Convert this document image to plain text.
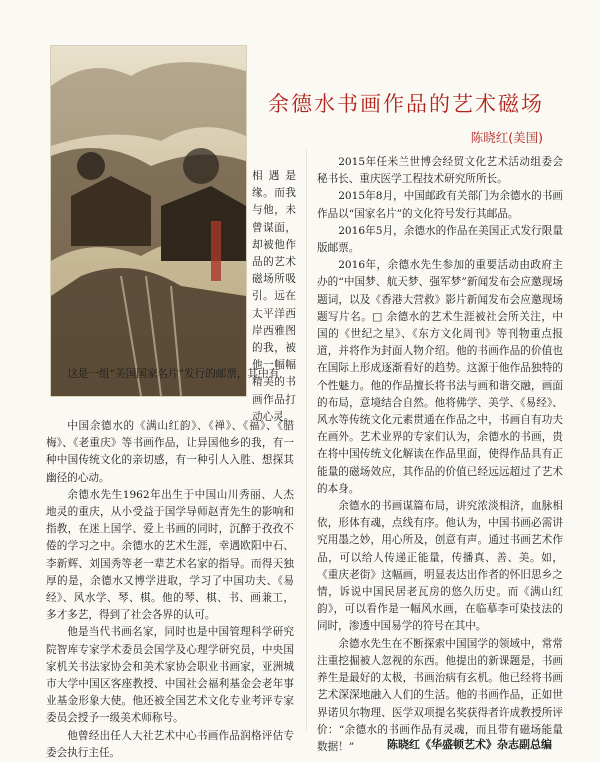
余德水书画作品的艺术磁场
陈晓红(美国)

相遇是缘。而我与他，未曾谋面，却被他作品的艺术磁场所吸引。远在太平洋西岸西雅图的我，被他一幅幅精美的书画作品打动心灵。

这是一组“美国国家名片”发行的邮票，其中有

中国余德水的《满山红韵》、《禅》、《福》、《腊梅》、《老重庆》等书画作品，让异国他乡的我，有一种中国传统文化的亲切感，有一种引人入胜、想探其幽径的心动。

余德水先生1962年出生于中国山川秀丽、人杰地灵的重庆，从小受益于国学导师赵青先生的影响和指教，在迷上国学、爱上书画的同时，沉醉于孜孜不倦的学习之中。余德水的艺术生涯，幸遇欧阳中石、李新辉、刘国秀等老一辈艺术名家的指导。而得天独厚的是，余德水又博学进取，学习了中国功夫、《易经》、风水学、琴、棋。他的琴、棋、书、画兼工，多才多艺，得到了社会各界的认可。

他是当代书画名家，同时也是中国管理科学研究院智库专家学术委员会国学及心理学研究员，中央国家机关书法家协会和美术家协会职业书画家，亚洲城市大学中国区客座教授、中国社会福利基金会老年事业基金形象大使。他还被全国艺术文化专业考评专家委员会授予一级美术师称号。

他曾经出任人大社艺术中心书画作品润格评估专委会执行主任。

2015年任米兰世博会经贸文化艺术活动组委会秘书长、重庆医学工程技术研究所所长。

2015年8月，中国邮政有关部门为余德水的书画作品以“国家名片”的文化符号发行其邮品。

2016年5月，余德水的作品在美国正式发行限量版邮票。

2016年，余德水先生参加的重要活动由政府主办的“中国梦、航天梦、强军梦”新闻发布会应邀现场题词，以及《香港大营救》影片新闻发布会应邀现场题写片名。□ 余德水的艺术生涯被社会所关注，中国的《世纪之星》、《东方文化周刊》等刊物重点报道，并将作为封面人物介绍。他的书画作品的价值也在国际上形成逐渐看好的趋势。这源于他作品独特的个性魅力。他的作品擅长将书法与画和谐交融，画面的布局，意境结合自然。他将佛学、美学、《易经》、风水等传统文化元素贯通在作品之中，书画自有功夫在画外。艺术业界的专家们认为，余德水的书画，贵在将中国传统文化解读在作品里面，使得作品具有正能量的磁场效应，其作品的价值已经远远超过了艺术的本身。

余德水的书画谋篇布局，讲究浓淡相济，血脉相依，形体有魂，点线有序。他认为，中国书画必需讲究用墨之妙，用心所及，创意有声。通过书画艺术作品，可以给人传递正能量，传播真、善、美。如，《重庆老街》这幅画，明显表达出作者的怀旧思乡之情，诉说中国民居老瓦房的悠久历史。而《满山红韵》，可以看作是一幅风水画，在临摹李可染技法的同时，渗透中国易学的符号在其中。

余德水先生在不断探索中国国学的领域中，常常注重挖掘被人忽视的东西。他提出的新课题是，书画养生是最好的太极，书画治病有玄机。他已经将书画艺术深深地融入人们的生活。他的书画作品，正如世界诺贝尔物理、医学双项提名奖获得者许成教授所评价：“余德水的书画作品有灵魂，而且带有磁场能量数据！”	陈晓红《华盛顿艺术》杂志副总编
